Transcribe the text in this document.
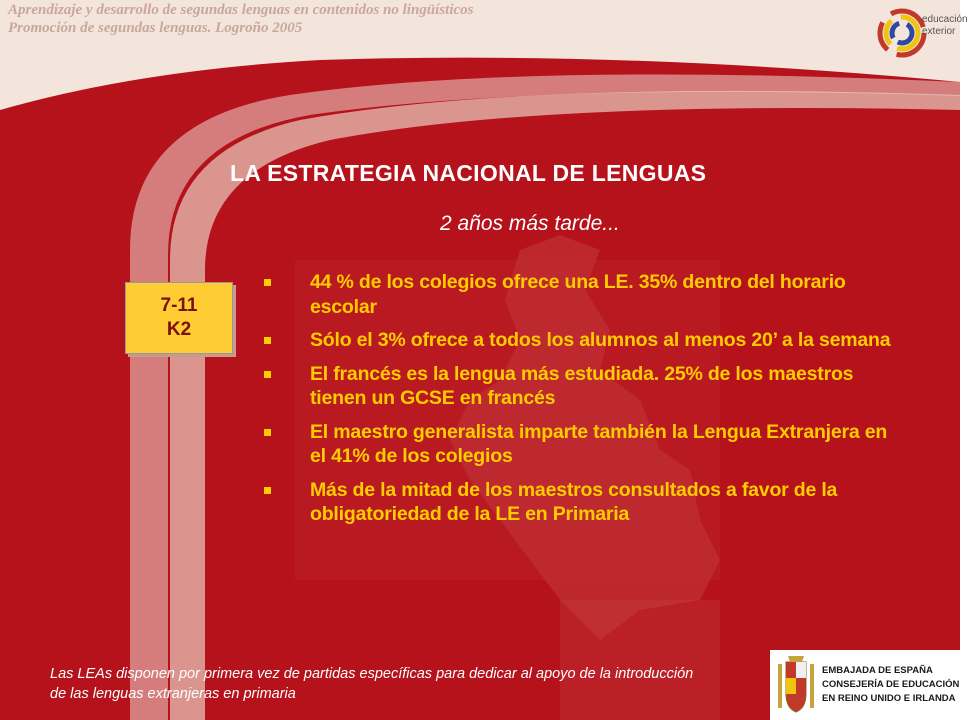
Aprendizaje y desarrollo de segundas lenguas en contenidos no lingüísticos
Promoción de segundas lenguas. Logroño 2005
educación
exterior
LA ESTRATEGIA NACIONAL DE LENGUAS
2 años más tarde...
7-11
K2
44 % de los colegios ofrece una LE. 35% dentro del horario escolar
Sólo el 3% ofrece a todos los alumnos al menos 20’ a la semana
El francés es la lengua más estudiada. 25% de los maestros tienen un GCSE en francés
El maestro generalista imparte también la Lengua Extranjera en el 41% de los colegios
Más de la mitad de los maestros consultados a favor de la obligatoriedad de la LE en Primaria
Las LEAs disponen por primera vez de partidas específicas para dedicar al apoyo de la introducción de las lenguas extranjeras en primaria
EMBAJADA DE ESPAÑA
CONSEJERÍA DE EDUCACIÓN
EN REINO UNIDO E IRLANDA
